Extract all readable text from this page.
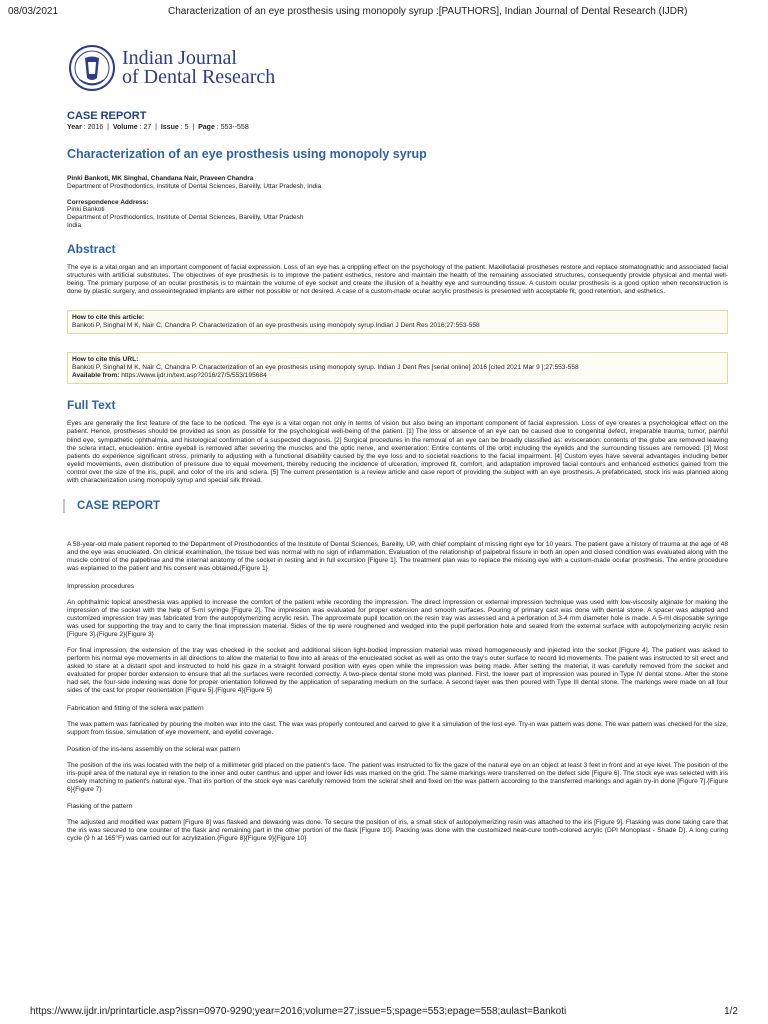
08/03/2021	Characterization of an eye prosthesis using monopoly syrup :[PAUTHORS], Indian Journal of Dental Research (IJDR)
Indian Journal
of Dental Research
CASE REPORT
Year : 2016  |  Volume : 27  |  Issue : 5  |  Page : 553--558
Characterization of an eye prosthesis using monopoly syrup
Pinki Bankoti, MK Singhal, Chandana Nair, Praveen Chandra
Department of Prosthodontics, Institute of Dental Sciences, Bareilly, Uttar Pradesh, India
Correspondence Address:
Pinki Bankoti
Department of Prosthodontics, Institute of Dental Sciences, Bareilly, Uttar Pradesh
India
Abstract

The eye is a vital organ and an important component of facial expression. Loss of an eye has a crippling effect on the psychology of the patient. Maxillofacial prostheses restore and replace stomatognathic and associated facial structures with artificial substitutes. The objectives of eye prosthesis is to improve the patient esthetics, restore and maintain the health of the remaining associated structures, consequently provide physical and mental well-being. The primary purpose of an ocular prosthesis is to maintain the volume of eye socket and create the illusion of a healthy eye and surrounding tissue. A custom ocular prosthesis is a good option when reconstruction is done by plastic surgery, and osseointegrated implants are either not possible or not desired. A case of a custom-made ocular acrylic prosthesis is presented with acceptable fit, good retention, and esthetics.

How to cite this article:
Bankoti P, Singhal M K, Nair C, Chandra P. Characterization of an eye prosthesis using monopoly syrup.Indian J Dent Res 2016;27:553-558
How to cite this URL:
Bankoti P, Singhal M K, Nair C, Chandra P. Characterization of an eye prosthesis using monopoly syrup. Indian J Dent Res [serial online] 2016 [cited 2021 Mar 9 ];27:553-558
Available from: https://www.ijdr.in/text.asp?2016/27/5/553/195684
Full Text

Eyes are generally the first feature of the face to be noticed. The eye is a vital organ not only in terms of vision but also being an important component of facial expression. Loss of eye creates a psychological effect on the patient. Hence, prostheses should be provided as soon as possible for the psychological well-being of the patient. [1] The loss or absence of an eye can be caused due to congenital defect, irreparable trauma, tumor, painful blind eye, sympathetic ophthalmia, and histological confirmation of a suspected diagnosis. [2] Surgical procedures in the removal of an eye can be broadly classified as: evisceration: contents of the globe are removed leaving the sclera intact, enucleation: entire eyeball is removed after severing the muscles and the optic nerve, and exenteration: Entire contents of the orbit including the eyelids and the surrounding tissues are removed. [3] Most patients do experience significant stress, primarily to adjusting with a functional disability caused by the eye loss and to societal reactions to the facial impairment. [4] Custom eyes have several advantages including better eyelid movements, even distribution of pressure due to equal movement, thereby reducing the incidence of ulceration, improved fit, comfort, and adaptation improved facial contours and enhanced esthetics gained from the control over the size of the iris, pupil, and color of the iris and sclera. [5] The current presentation is a review article and case report of providing the subject with an eye prosthesis. A prefabricated, stock iris was planned along with characterization using monopoly syrup and special silk thread.

CASE REPORT

A 58-year-old male patient reported to the Department of Prosthodontics of the Institute of Dental Sciences, Bareilly, UP, with chief complaint of missing right eye for 10 years. The patient gave a history of trauma at the age of 48 and the eye was enucleated. On clinical examination, the tissue bed was normal with no sign of inflammation. Evaluation of the relationship of palpebral fissure in both an open and closed condition was evaluated along with the muscle control of the palpebrae and the internal anatomy of the socket in resting and in full excursion [Figure 1]. The treatment plan was to replace the missing eye with a custom-made ocular prosthesis. The entire procedure was explained to the patient and his consent was obtained.{Figure 1}

Impression procedures

An ophthalmic topical anesthesia was applied to increase the comfort of the patient while recording the impression. The direct impression or external impression technique was used with low-viscosity alginate for making the impression of the socket with the help of 5-ml syringe [Figure 2]. The impression was evaluated for proper extension and smooth surfaces. Pouring of primary cast was done with dental stone. A spacer was adapted and customized impression tray was fabricated from the autopolymerizing acrylic resin. The approximate pupil location on the resin tray was assessed and a perforation of 3-4 mm diameter hole is made. A 5-ml disposable syringe was used for supporting the tray and to carry the final impression material. Sides of the tip were roughened and wedged into the pupil perforation hole and sealed from the external surface with autopolymerizing acrylic resin [Figure 3].{Figure 2}{Figure 3}

For final impression, the extension of the tray was checked in the socket and additional silicon light-bodied impression material was mixed homogeneously and injected into the socket [Figure 4]. The patient was asked to perform his normal eye movements in all directions to allow the material to flow into all areas of the enucleated socket as well as onto the tray's outer surface to record lid movements. The patient was instructed to sit erect and asked to stare at a distant spot and instructed to hold his gaze in a straight forward position with eyes open while the impression was being made. After setting the material, it was carefully removed from the socket and evaluated for proper border extension to ensure that all the surfaces were recorded correctly. A two-piece dental stone mold was planned. First, the lower part of impression was poured in Type IV dental stone. After the stone had set, the four-side indexing was done for proper orientation followed by the application of separating medium on the surface. A second layer was then poured with Type III dental stone. The markings were made on all four sides of the cast for proper reorientation [Figure 5].{Figure 4}{Figure 5}

Fabrication and fitting of the sclera wax pattern

The wax pattern was fabricated by pouring the molten wax into the cast. The wax was properly contoured and carved to give it a simulation of the lost eye. Try-in wax pattern was done. The wax pattern was checked for the size, support from tissue, simulation of eye movement, and eyelid coverage.

Position of the iris-lens assembly on the scleral wax pattern

The position of the iris was located with the help of a millimeter grid placed on the patient's face. The patient was instructed to fix the gaze of the natural eye on an object at least 3 feet in front and at eye level. The position of the iris-pupil area of the natural eye in relation to the inner and outer canthus and upper and lower lids was marked on the grid. The same markings were transferred on the defect side [Figure 6]. The stock eye was selected with iris closely matching to patient's natural eye. That iris portion of the stock eye was carefully removed from the scleral shell and fixed on the wax pattern according to the transferred markings and again try-in done [Figure 7].{Figure 6}{Figure 7}

Flasking of the pattern

The adjusted and modified wax pattern [Figure 8] was flasked and dewaxing was done. To secure the position of iris, a small stick of autopolymerizing resin was attached to the iris [Figure 9]. Flasking was done taking care that the iris was secured to one counter of the flask and remaining part in the other portion of the flask [Figure 10]. Packing was done with the customized heat-cure tooth-colored acrylic (DPI Monoplast - Shade D). A long curing cycle (9 h at 165°F) was carried out for acrylization.{Figure 8}{Figure 9}{Figure 10}

https://www.ijdr.in/printarticle.asp?issn=0970-9290;year=2016;volume=27;issue=5;spage=553;epage=558;aulast=Bankoti	1/2
